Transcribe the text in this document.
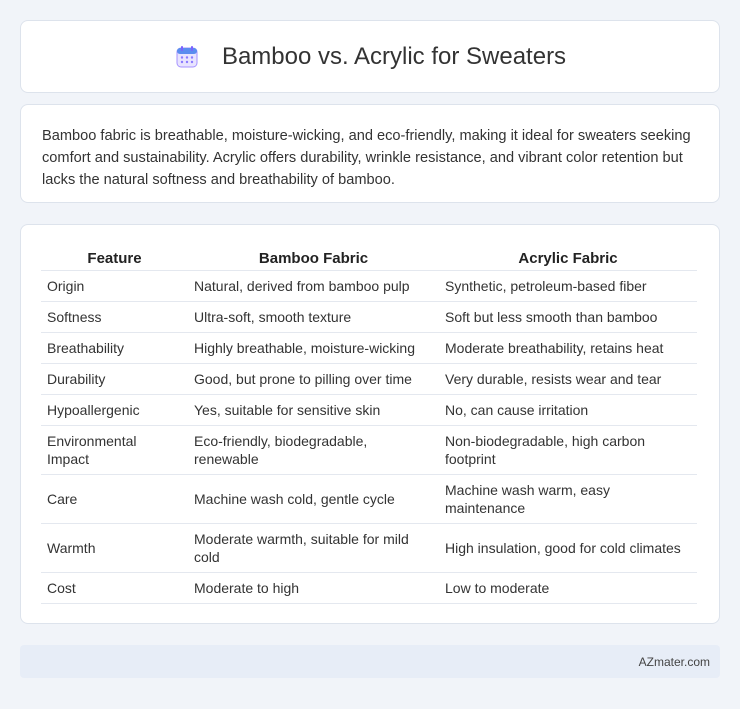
Bamboo vs. Acrylic for Sweaters

Bamboo fabric is breathable, moisture-wicking, and eco-friendly, making it ideal for sweaters seeking comfort and sustainability. Acrylic offers durability, wrinkle resistance, and vibrant color retention but lacks the natural softness and breathability of bamboo.

Feature	Bamboo Fabric	Acrylic Fabric
Origin	Natural, derived from bamboo pulp	Synthetic, petroleum-based fiber
Softness	Ultra-soft, smooth texture	Soft but less smooth than bamboo
Breathability	Highly breathable, moisture-wicking	Moderate breathability, retains heat
Durability	Good, but prone to pilling over time	Very durable, resists wear and tear
Hypoallergenic	Yes, suitable for sensitive skin	No, can cause irritation
Environmental Impact	Eco-friendly, biodegradable, renewable	Non-biodegradable, high carbon footprint
Care	Machine wash cold, gentle cycle	Machine wash warm, easy maintenance
Warmth	Moderate warmth, suitable for mild cold	High insulation, good for cold climates
Cost	Moderate to high	Low to moderate
AZmater.com
